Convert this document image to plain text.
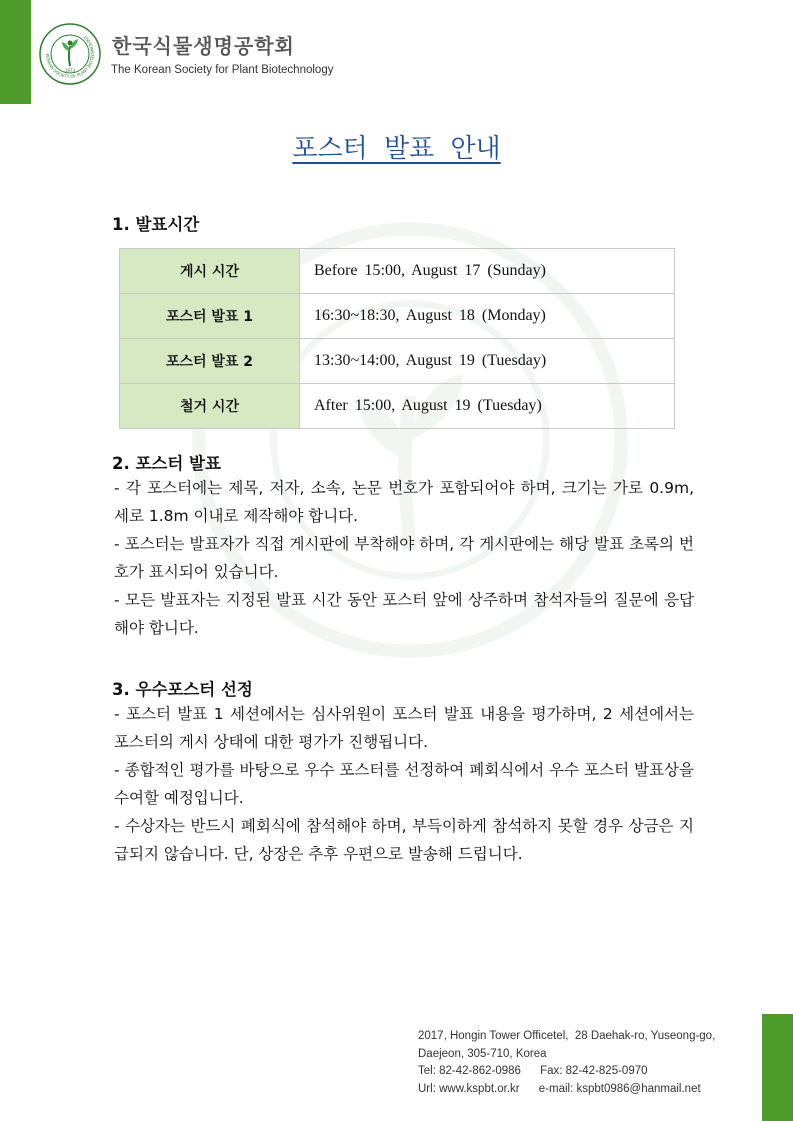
KOREAN SOCIETY OF PLANT BIOTECHNOLOGY
1973
한국식물생명공학회
The Korean Society for Plant Biotechnology
포스터 발표 안내
1. 발표시간
게시 시간	Before 15:00, August 17 (Sunday)
포스터 발표 1	16:30~18:30, August 18 (Monday)
포스터 발표 2	13:30~14:00, August 19 (Tuesday)
철거 시간	After 15:00, August 19 (Tuesday)
2. 포스터 발표

- 각 포스터에는 제목, 저자, 소속, 논문 번호가 포함되어야 하며, 크기는 가로 0.9m, 세로 1.8m 이내로 제작해야 합니다.

- 포스터는 발표자가 직접 게시판에 부착해야 하며, 각 게시판에는 해당 발표 초록의 번호가 표시되어 있습니다.

- 모든 발표자는 지정된 발표 시간 동안 포스터 앞에 상주하며 참석자들의 질문에 응답해야 합니다.

3. 우수포스터 선정

- 포스터 발표 1 세션에서는 심사위원이 포스터 발표 내용을 평가하며, 2 세션에서는 포스터의 게시 상태에 대한 평가가 진행됩니다.

- 종합적인 평가를 바탕으로 우수 포스터를 선정하여 폐회식에서 우수 포스터 발표상을 수여할 예정입니다.

- 수상자는 반드시 폐회식에 참석해야 하며, 부득이하게 참석하지 못할 경우 상금은 지급되지 않습니다. 단, 상장은 추후 우편으로 발송해 드립니다.

2017, Hongin Tower Officetel,  28 Daehak-ro, Yuseong-go,
Daejeon, 305-710, Korea
Tel: 82-42-862-0986      Fax: 82-42-825-0970
Url: www.kspbt.or.kr      e-mail: kspbt0986@hanmail.net
